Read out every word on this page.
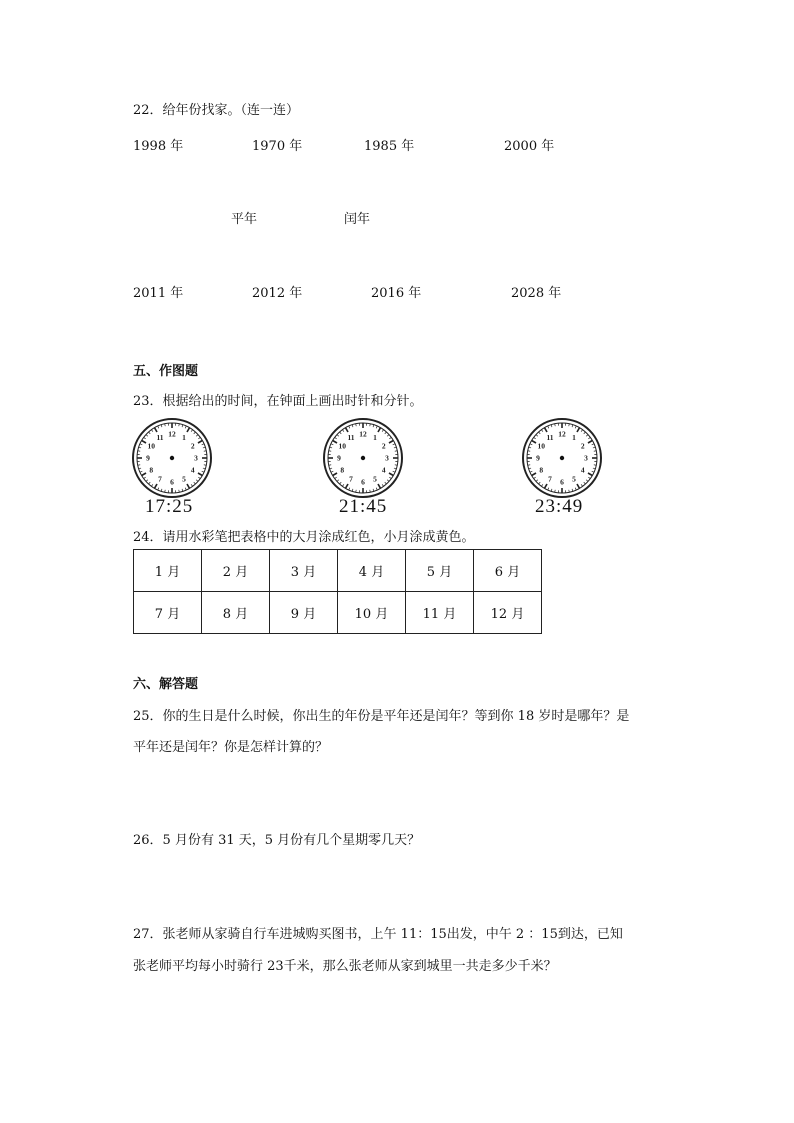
22．给年份找家。（连一连）
1998 年	1970 年	1985 年	2000 年
平年	闰年
2011 年	2012 年	2016 年	2028 年
五、作图题
23．根据给出的时间，在钟面上画出时针和分针。
12 1
2
3
4
5
6
7
8
9
10
11	12 1
2
3
4
5
6
7
8
9
10
11	12 1
2
3
4
5
6
7
8
9
10
11
17:25	21:45	23:49
24．请用水彩笔把表格中的大月涂成红色，小月涂成黄色。
1 月	2 月	3 月	4 月	5 月	6 月
7 月	8 月	9 月	10 月	11 月	12 月
六、解答题
25．你的生日是什么时候，你出生的年份是平年还是闰年？等到你 18 岁时是哪年？是
平年还是闰年？你是怎样计算的？
26．5 月份有 31 天，5 月份有几个星期零几天？
27．张老师从家骑自行车进城购买图书，上午 11：15出发，中午 2 ：15到达，已知
张老师平均每小时骑行 23千米，那么张老师从家到城里一共走多少千米？
